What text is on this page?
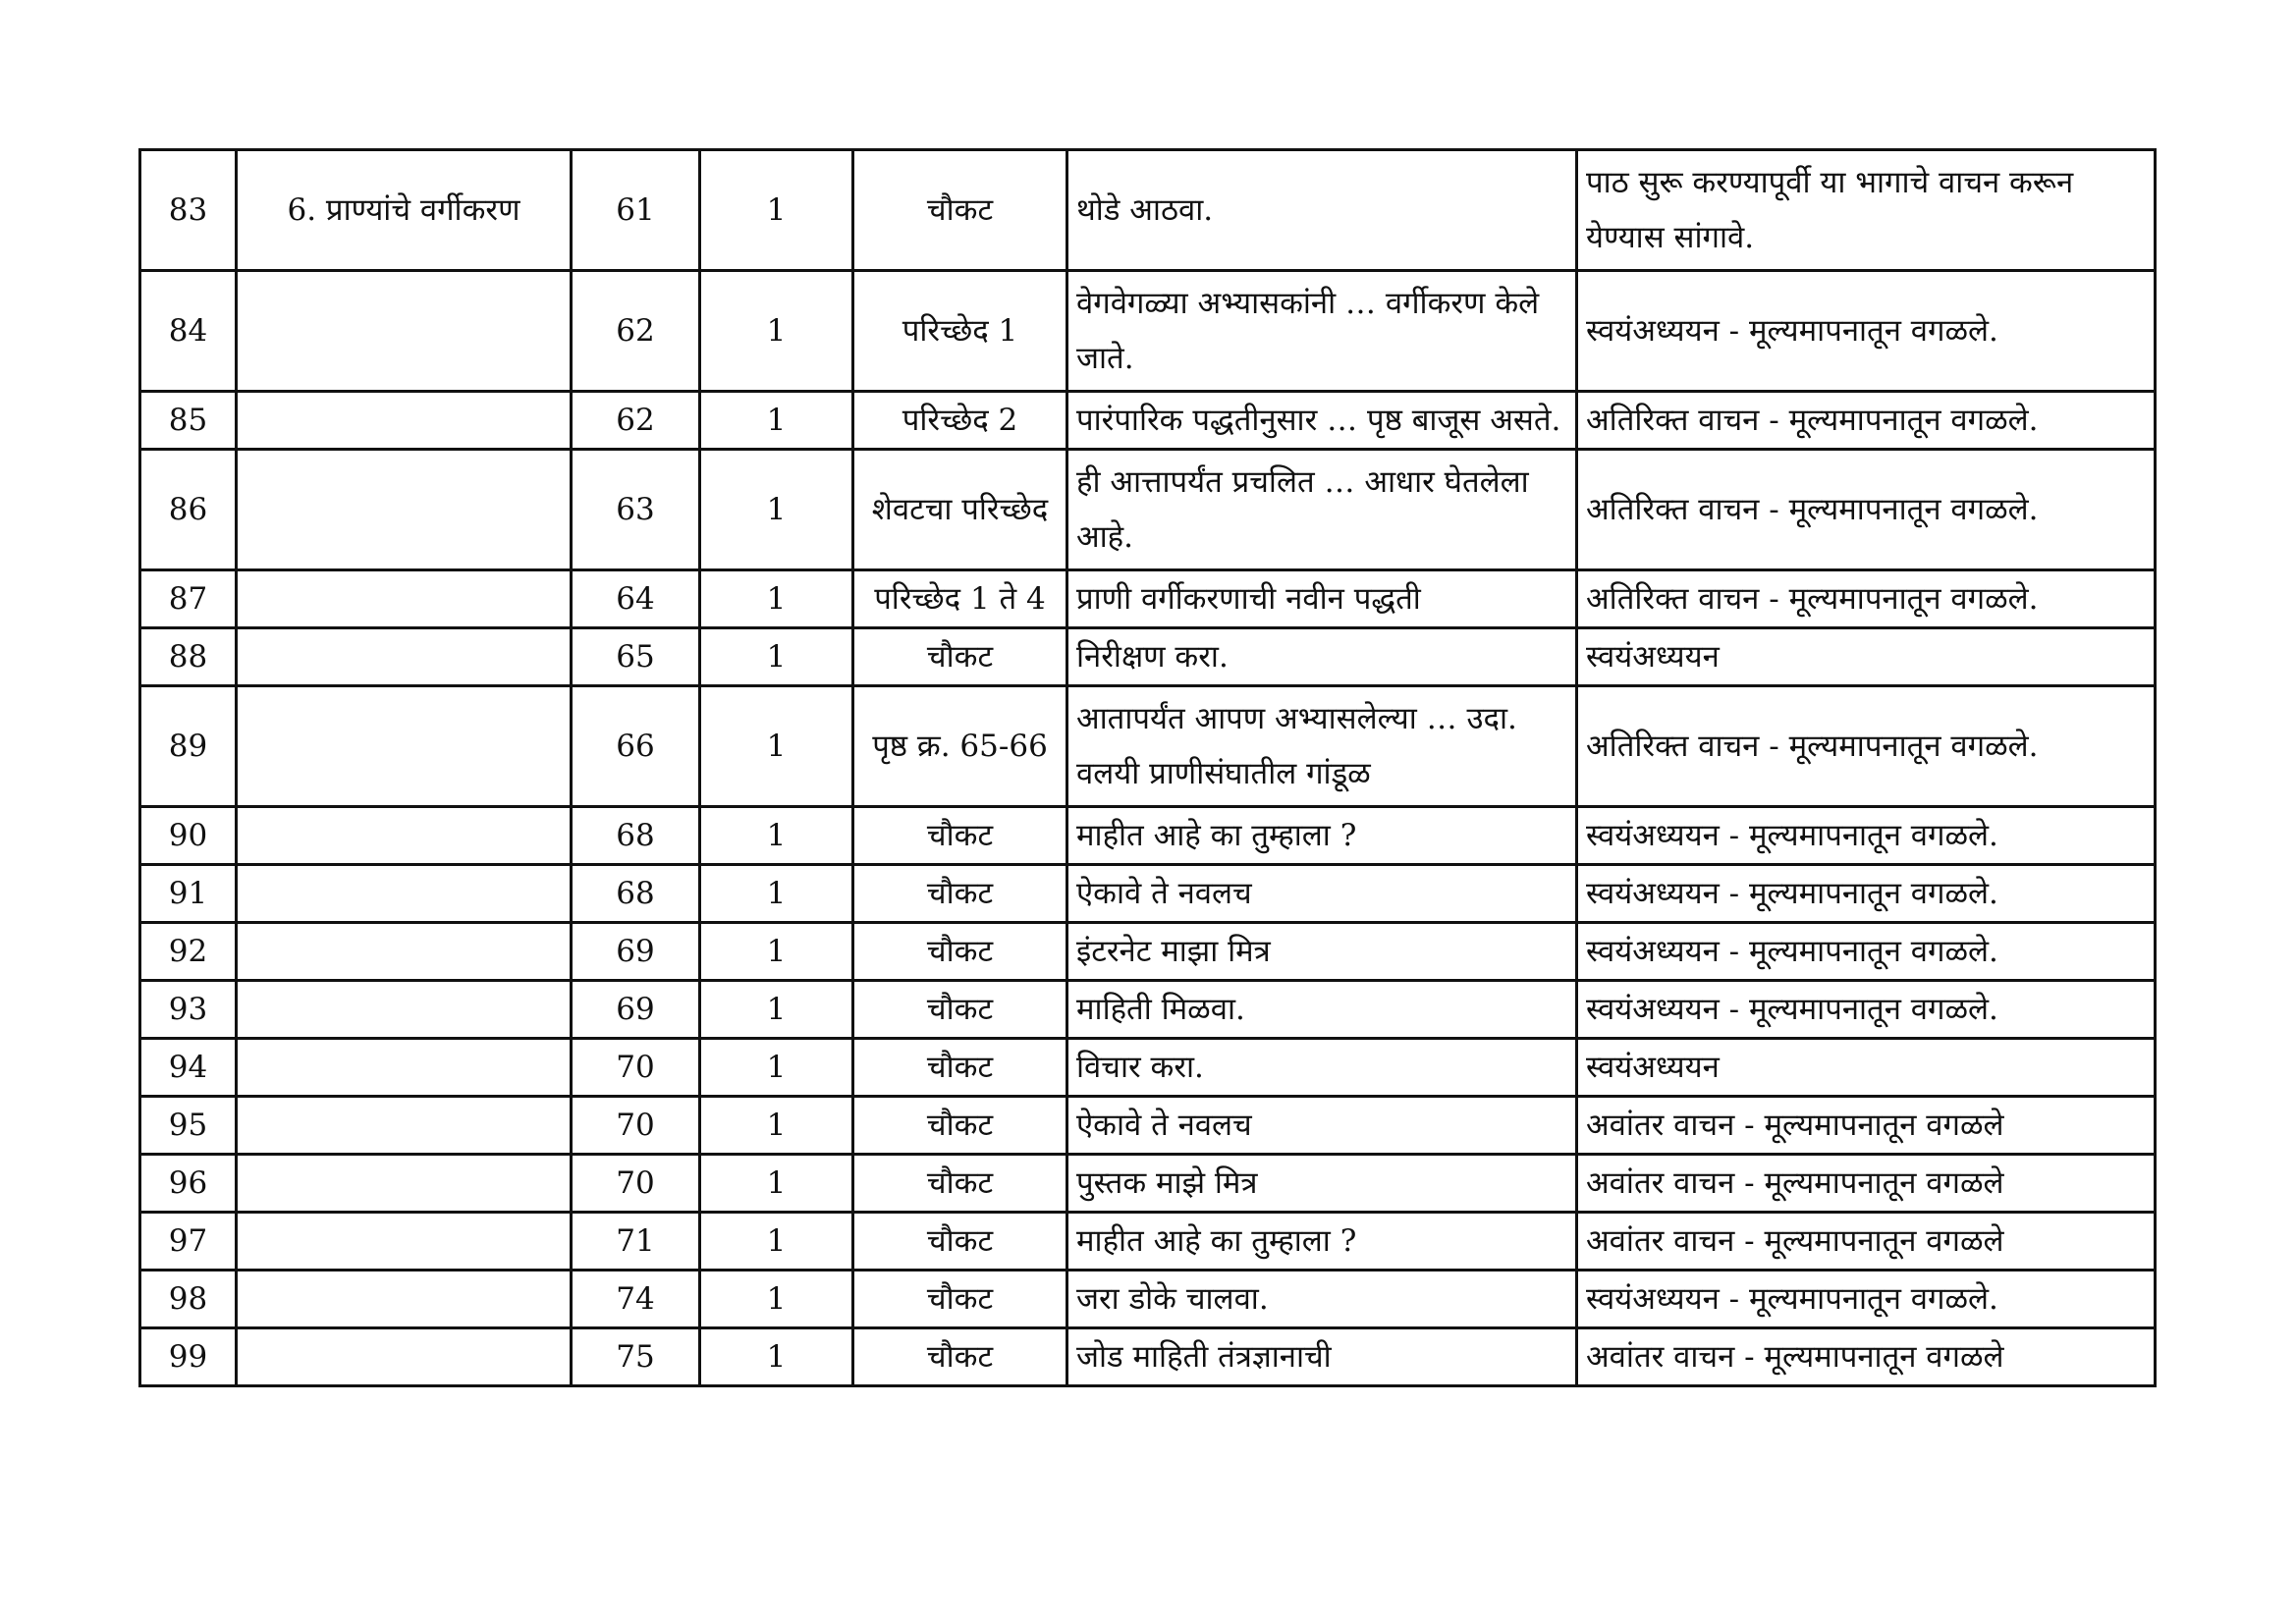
83	6. प्राण्यांचे वर्गीकरण	61	1	चौकट	थोडे आठवा.	पाठ सुरू करण्यापूर्वी या भागाचे वाचन करून येण्यास सांगावे.
84		62	1	परिच्छेद 1	वेगवेगळ्या अभ्यासकांनी … वर्गीकरण केले जाते.	स्वयंअध्ययन - मूल्यमापनातून वगळले.
85		62	1	परिच्छेद 2	पारंपारिक पद्धतीनुसार … पृष्ठ बाजूस असते.	अतिरिक्त वाचन - मूल्यमापनातून वगळले.
86		63	1	शेवटचा परिच्छेद	ही आत्तापर्यंत प्रचलित … आधार घेतलेला आहे.	अतिरिक्त वाचन - मूल्यमापनातून वगळले.
87		64	1	परिच्छेद 1 ते 4	प्राणी वर्गीकरणाची नवीन पद्धती	अतिरिक्त वाचन - मूल्यमापनातून वगळले.
88		65	1	चौकट	निरीक्षण करा.	स्वयंअध्ययन
89		66	1	पृष्ठ क्र. 65-66	आतापर्यंत आपण अभ्यासलेल्या … उदा. वलयी प्राणीसंघातील गांडूळ	अतिरिक्त वाचन - मूल्यमापनातून वगळले.
90		68	1	चौकट	माहीत आहे का तुम्हाला ?	स्वयंअध्ययन - मूल्यमापनातून वगळले.
91		68	1	चौकट	ऐकावे ते नवलच	स्वयंअध्ययन - मूल्यमापनातून वगळले.
92		69	1	चौकट	इंटरनेट माझा मित्र	स्वयंअध्ययन - मूल्यमापनातून वगळले.
93		69	1	चौकट	माहिती मिळवा.	स्वयंअध्ययन - मूल्यमापनातून वगळले.
94		70	1	चौकट	विचार करा.	स्वयंअध्ययन
95		70	1	चौकट	ऐकावे ते नवलच	अवांतर वाचन - मूल्यमापनातून वगळले
96		70	1	चौकट	पुस्तक माझे मित्र	अवांतर वाचन - मूल्यमापनातून वगळले
97		71	1	चौकट	माहीत आहे का तुम्हाला ?	अवांतर वाचन - मूल्यमापनातून वगळले
98		74	1	चौकट	जरा डोके चालवा.	स्वयंअध्ययन - मूल्यमापनातून वगळले.
99		75	1	चौकट	जोड माहिती तंत्रज्ञानाची	अवांतर वाचन - मूल्यमापनातून वगळले
